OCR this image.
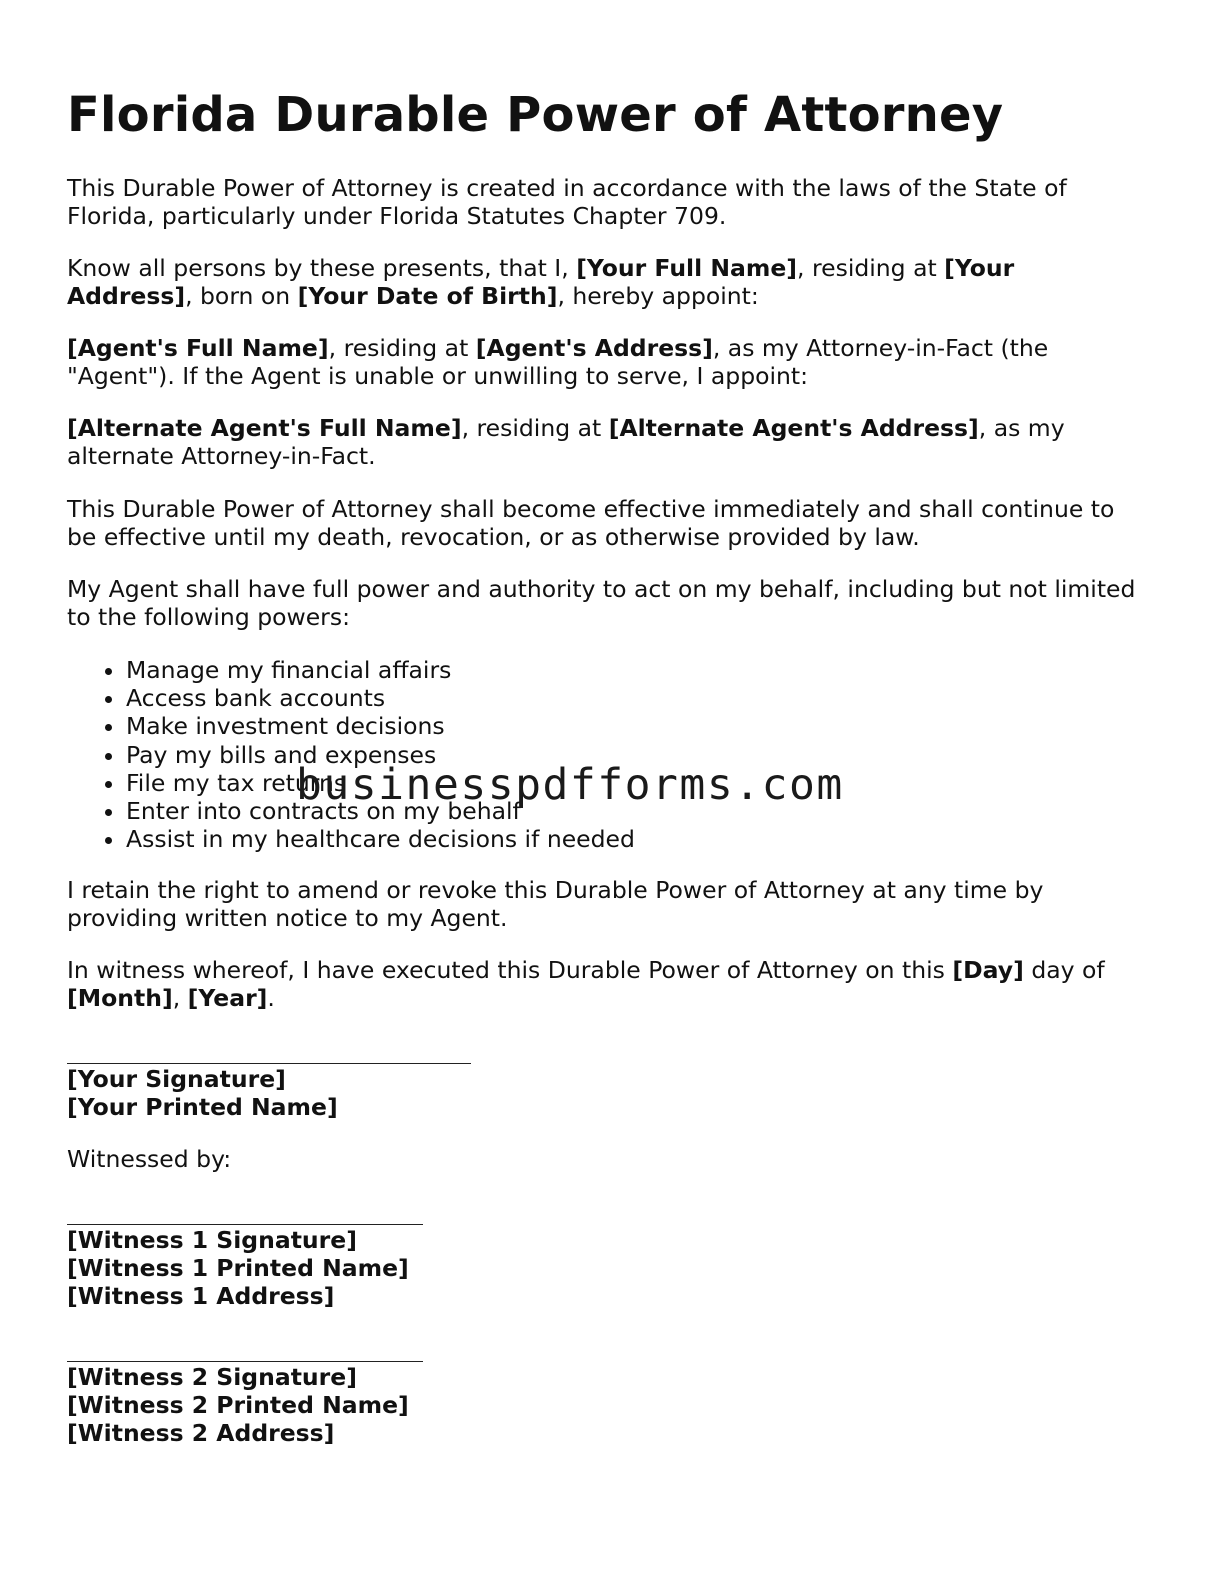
Florida Durable Power of Attorney

This Durable Power of Attorney is created in accordance with the laws of the State of Florida, particularly under Florida Statutes Chapter 709.

Know all persons by these presents, that I, [Your Full Name], residing at [Your Address], born on [Your Date of Birth], hereby appoint:

[Agent's Full Name], residing at [Agent's Address], as my Attorney-in-Fact (the "Agent"). If the Agent is unable or unwilling to serve, I appoint:

[Alternate Agent's Full Name], residing at [Alternate Agent's Address], as my alternate Attorney-in-Fact.

This Durable Power of Attorney shall become effective immediately and shall continue to be effective until my death, revocation, or as otherwise provided by law.

My Agent shall have full power and authority to act on my behalf, including but not limited to the following powers:

• Manage my financial affairs
• Access bank accounts
• Make investment decisions
• Pay my bills and expenses
• File my tax returns
• Enter into contracts on my behalf
• Assist in my healthcare decisions if needed

I retain the right to amend or revoke this Durable Power of Attorney at any time by providing written notice to my Agent.

In witness whereof, I have executed this Durable Power of Attorney on this [Day] day of [Month], [Year].

[Your Signature]

[Your Printed Name]

Witnessed by:

[Witness 1 Signature]

[Witness 1 Printed Name]

[Witness 1 Address]

[Witness 2 Signature]

[Witness 2 Printed Name]

[Witness 2 Address]

businesspdfforms.com
